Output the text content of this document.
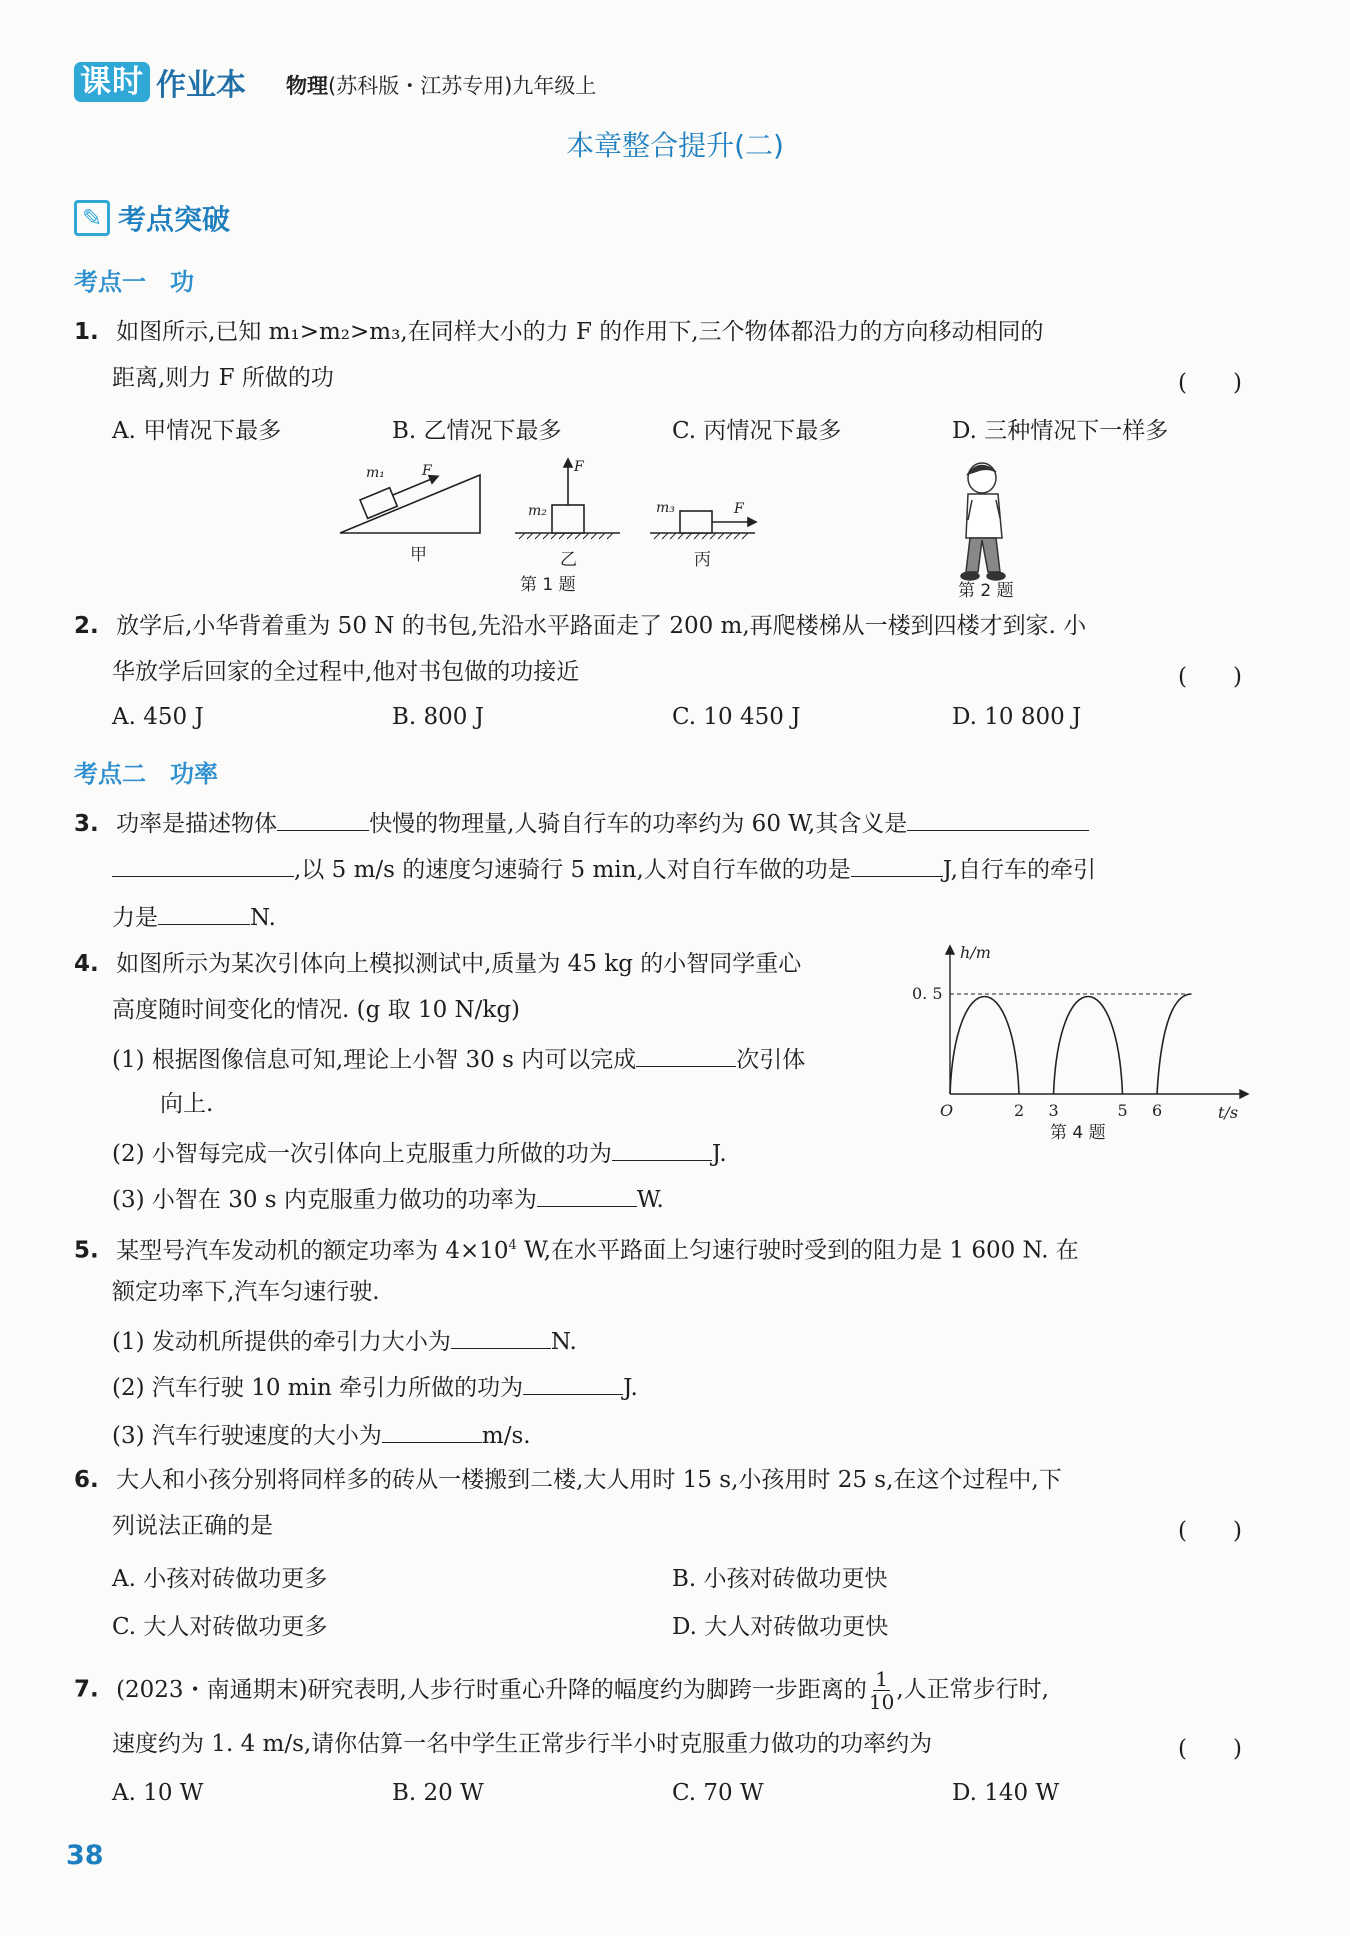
课时 作业本 物理(苏科版・江苏专用)九年级上
本章整合提升(二)
✎ 考点突破
考点一　功
1. 如图所示,已知 m₁>m₂>m₃,在同样大小的力 F 的作用下,三个物体都沿力的方向移动相同的
距离,则力 F 所做的功	(　　)
A. 甲情况下最多	B. 乙情况下最多	C. 丙情况下最多	D. 三种情况下一样多
m₁	F
m₂
F
m₃	F
甲	乙	丙
第 1 题	第 2 题
2. 放学后,小华背着重为 50 N 的书包,先沿水平路面走了 200 m,再爬楼梯从一楼到四楼才到家. 小
华放学后回家的全过程中,他对书包做的功接近	(　　)
A. 450 J	B. 800 J	C. 10 450 J	D. 10 800 J
考点二　功率
3. 功率是描述物体	快慢的物理量,人骑自行车的功率约为 60 W,其含义是
,以 5 m/s 的速度匀速骑行 5 min,人对自行车做的功是	J,自行车的牵引
力是	N.
4. 如图所示为某次引体向上模拟测试中,质量为 45 kg 的小智同学重心
高度随时间变化的情况. (g 取 10 N/kg)
(1) 根据图像信息可知,理论上小智 30 s 内可以完成	次引体
向上.
(2) 小智每完成一次引体向上克服重力所做的功为	J.
(3) 小智在 30 s 内克服重力做功的功率为	W.
h/m
t/s
O
0. 5
2 3	5 6
第 4 题
5. 某型号汽车发动机的额定功率为 $4\times 10^4$ W,在水平路面上匀速行驶时受到的阻力是 1 600 N. 在
额定功率下,汽车匀速行驶.
(1) 发动机所提供的牵引力大小为	N.
(2) 汽车行驶 10 min 牵引力所做的功为	J.
(3) 汽车行驶速度的大小为	m/s.
6. 大人和小孩分别将同样多的砖从一楼搬到二楼,大人用时 15 s,小孩用时 25 s,在这个过程中,下
列说法正确的是	(　　)
A. 小孩对砖做功更多	B. 小孩对砖做功更快
C. 大人对砖做功更多	D. 大人对砖做功更快
7. (2023・南通期末)研究表明,人步行时重心升降的幅度约为脚跨一步距离的 $\frac{1}{10}$ ,人正常步行时,
速度约为 1. 4 m/s,请你估算一名中学生正常步行半小时克服重力做功的功率约为	(　　)
A. 10 W	B. 20 W	C. 70 W	D. 140 W
38
